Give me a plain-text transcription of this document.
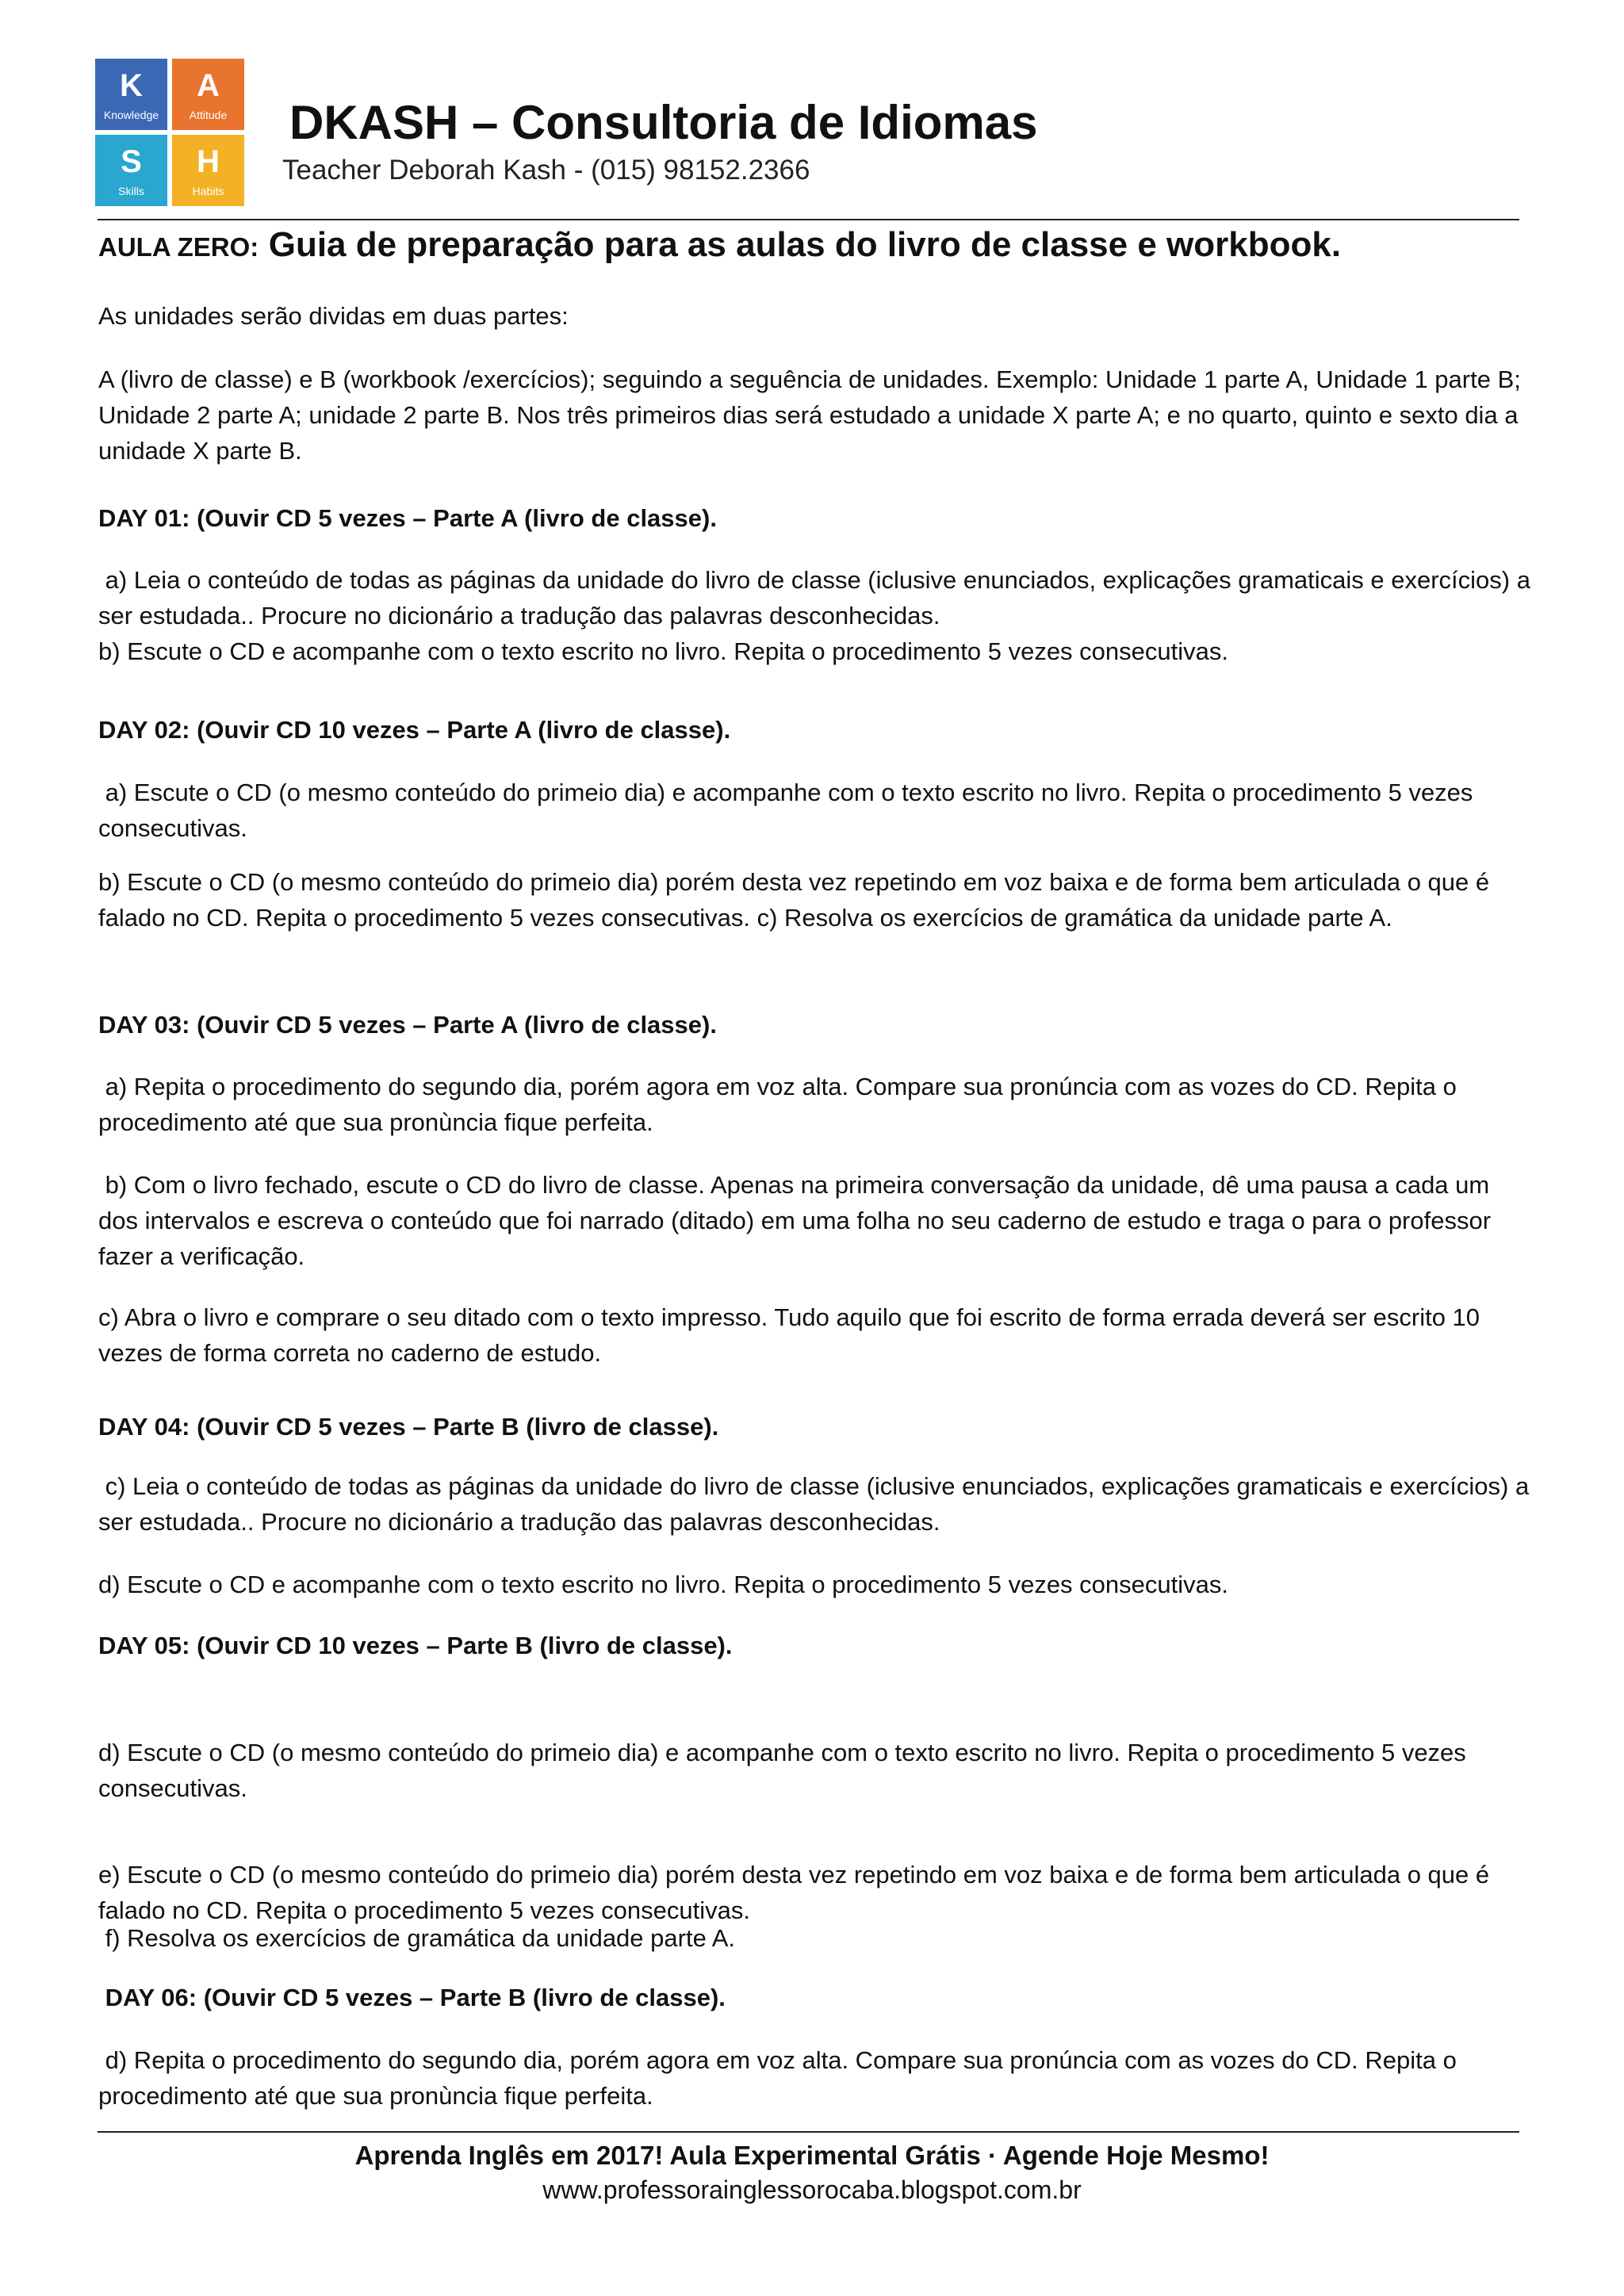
K
Knowledge
A
Attitude
S
Skills
H
Habits
DKASH – Consultoria de Idiomas
Teacher Deborah Kash - (015) 98152.2366
AULA ZERO: Guia de preparação para as aulas do livro de classe e workbook.
As unidades serão dividas em duas partes:
A (livro de classe) e B (workbook /exercícios); seguindo a seguência de unidades. Exemplo: Unidade 1 parte A, Unidade 1 parte B; Unidade 2 parte A; unidade 2 parte B. Nos três primeiros dias será estudado a unidade X parte A; e no quarto, quinto e sexto dia a unidade X parte B.
DAY 01: (Ouvir CD 5 vezes – Parte A (livro de classe).
a) Leia o conteúdo de todas as páginas da unidade do livro de classe (iclusive enunciados, explicações gramaticais e exercícios) a ser estudada.. Procure no dicionário a tradução das palavras desconhecidas.
b) Escute o CD e acompanhe com o texto escrito no livro. Repita o procedimento 5 vezes consecutivas.
DAY 02: (Ouvir CD 10 vezes – Parte A (livro de classe).
a) Escute o CD (o mesmo conteúdo do primeio dia) e acompanhe com o texto escrito no livro. Repita o procedimento 5 vezes consecutivas.
b) Escute o CD (o mesmo conteúdo do primeio dia) porém desta vez repetindo em voz baixa e de forma bem articulada o que é falado no CD. Repita o procedimento 5 vezes consecutivas. c) Resolva os exercícios de gramática da unidade parte A.
DAY 03: (Ouvir CD 5 vezes – Parte A (livro de classe).
a) Repita o procedimento do segundo dia, porém agora em voz alta. Compare sua pronúncia com as vozes do CD. Repita o procedimento até que sua pronùncia fique perfeita.
b) Com o livro fechado, escute o CD do livro de classe. Apenas na primeira conversação da unidade, dê uma pausa a cada um dos intervalos e escreva o conteúdo que foi narrado (ditado) em uma folha no seu caderno de estudo e traga o para o professor fazer a verificação.
c) Abra o livro e comprare o seu ditado com o texto impresso. Tudo aquilo que foi escrito de forma errada deverá ser escrito 10 vezes de forma correta no caderno de estudo.
DAY 04: (Ouvir CD 5 vezes – Parte B (livro de classe).
c) Leia o conteúdo de todas as páginas da unidade do livro de classe (iclusive enunciados, explicações gramaticais e exercícios) a ser estudada.. Procure no dicionário a tradução das palavras desconhecidas.
d) Escute o CD e acompanhe com o texto escrito no livro. Repita o procedimento 5 vezes consecutivas.
DAY 05: (Ouvir CD 10 vezes – Parte B (livro de classe).
d) Escute o CD (o mesmo conteúdo do primeio dia) e acompanhe com o texto escrito no livro. Repita o procedimento 5 vezes consecutivas.
e) Escute o CD (o mesmo conteúdo do primeio dia) porém desta vez repetindo em voz baixa e de forma bem articulada o que é falado no CD. Repita o procedimento 5 vezes consecutivas.
f) Resolva os exercícios de gramática da unidade parte A.
DAY 06: (Ouvir CD 5 vezes – Parte B (livro de classe).
d) Repita o procedimento do segundo dia, porém agora em voz alta. Compare sua pronúncia com as vozes do CD. Repita o procedimento até que sua pronùncia fique perfeita.
Aprenda Inglês em 2017! Aula Experimental Grátis · Agende Hoje Mesmo!
www.professorainglessorocaba.blogspot.com.br
